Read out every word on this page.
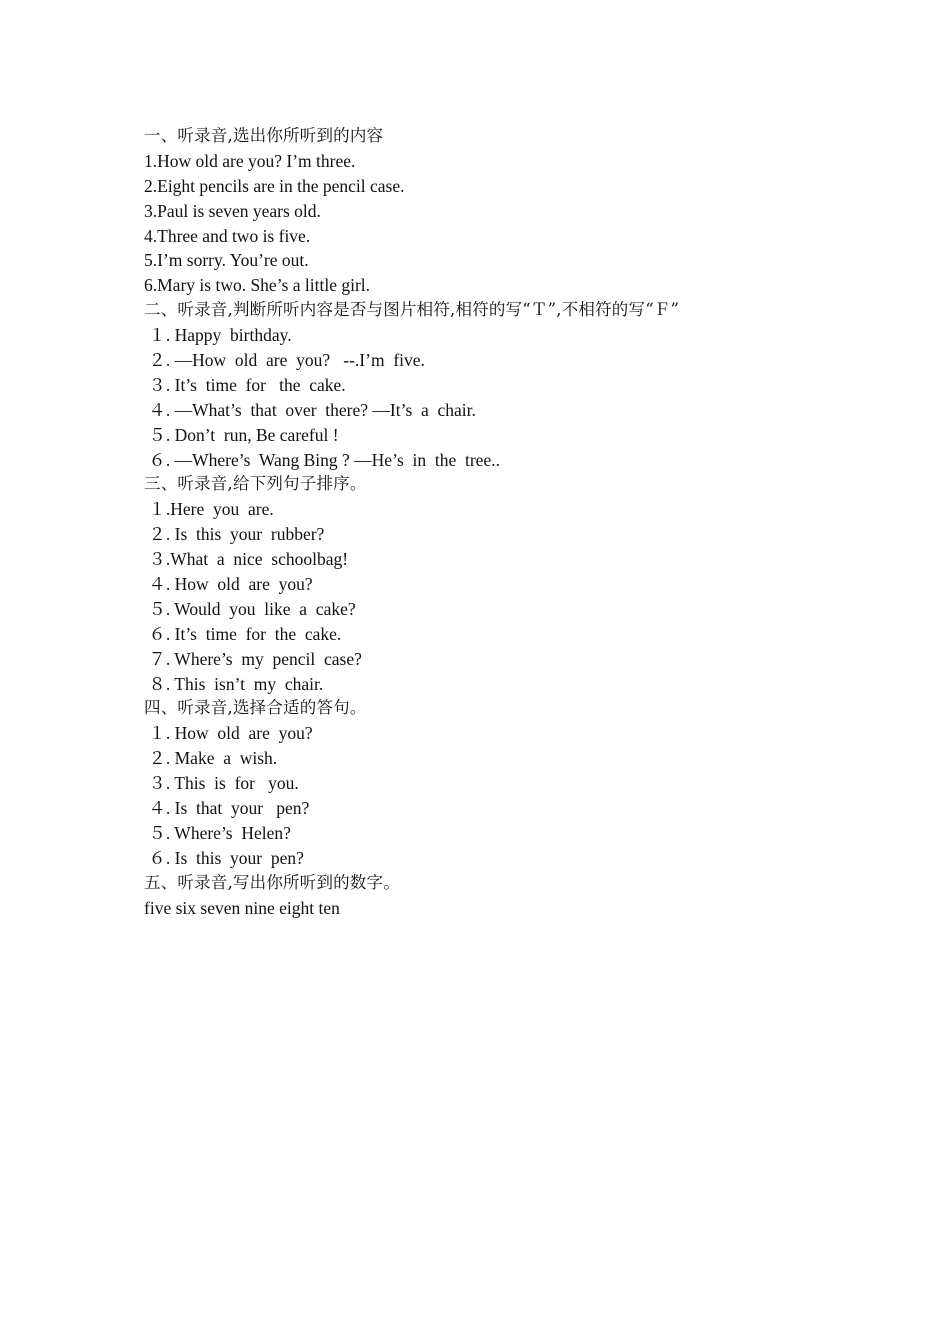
一、听录音,选出你所听到的内容
1.How old are you? I’m three.
2.Eight pencils are in the pencil case.
3.Paul is seven years old.
4.Three and two is five.
5.I’m sorry. You’re out.
6.Mary is two. She’s a little girl.
二、听录音,判断所听内容是否与图片相符,相符的写“Ｔ”,不相符的写“Ｆ”
１. Happy  birthday.
２. —How  old  are  you?   --.I’m  five.
３. It’s  time  for   the  cake.
４. —What’s  that  over  there? —It’s  a  chair.
５. Don’t  run, Be careful !
６. —Where’s  Wang Bing ? —He’s  in  the  tree..
三、听录音,给下列句子排序。
１.Here  you  are.
２. Is  this  your  rubber?
３.What  a  nice  schoolbag!
４. How  old  are  you?
５. Would  you  like  a  cake?
６. It’s  time  for  the  cake.
７. Where’s  my  pencil  case?
８. This  isn’t  my  chair.
四、听录音,选择合适的答句。
１. How  old  are  you?
２. Make  a  wish.
３. This  is  for   you.
４. Is  that  your   pen?
５. Where’s  Helen?
６. Is  this  your  pen?
五、听录音,写出你所听到的数字。
five six seven nine eight ten
